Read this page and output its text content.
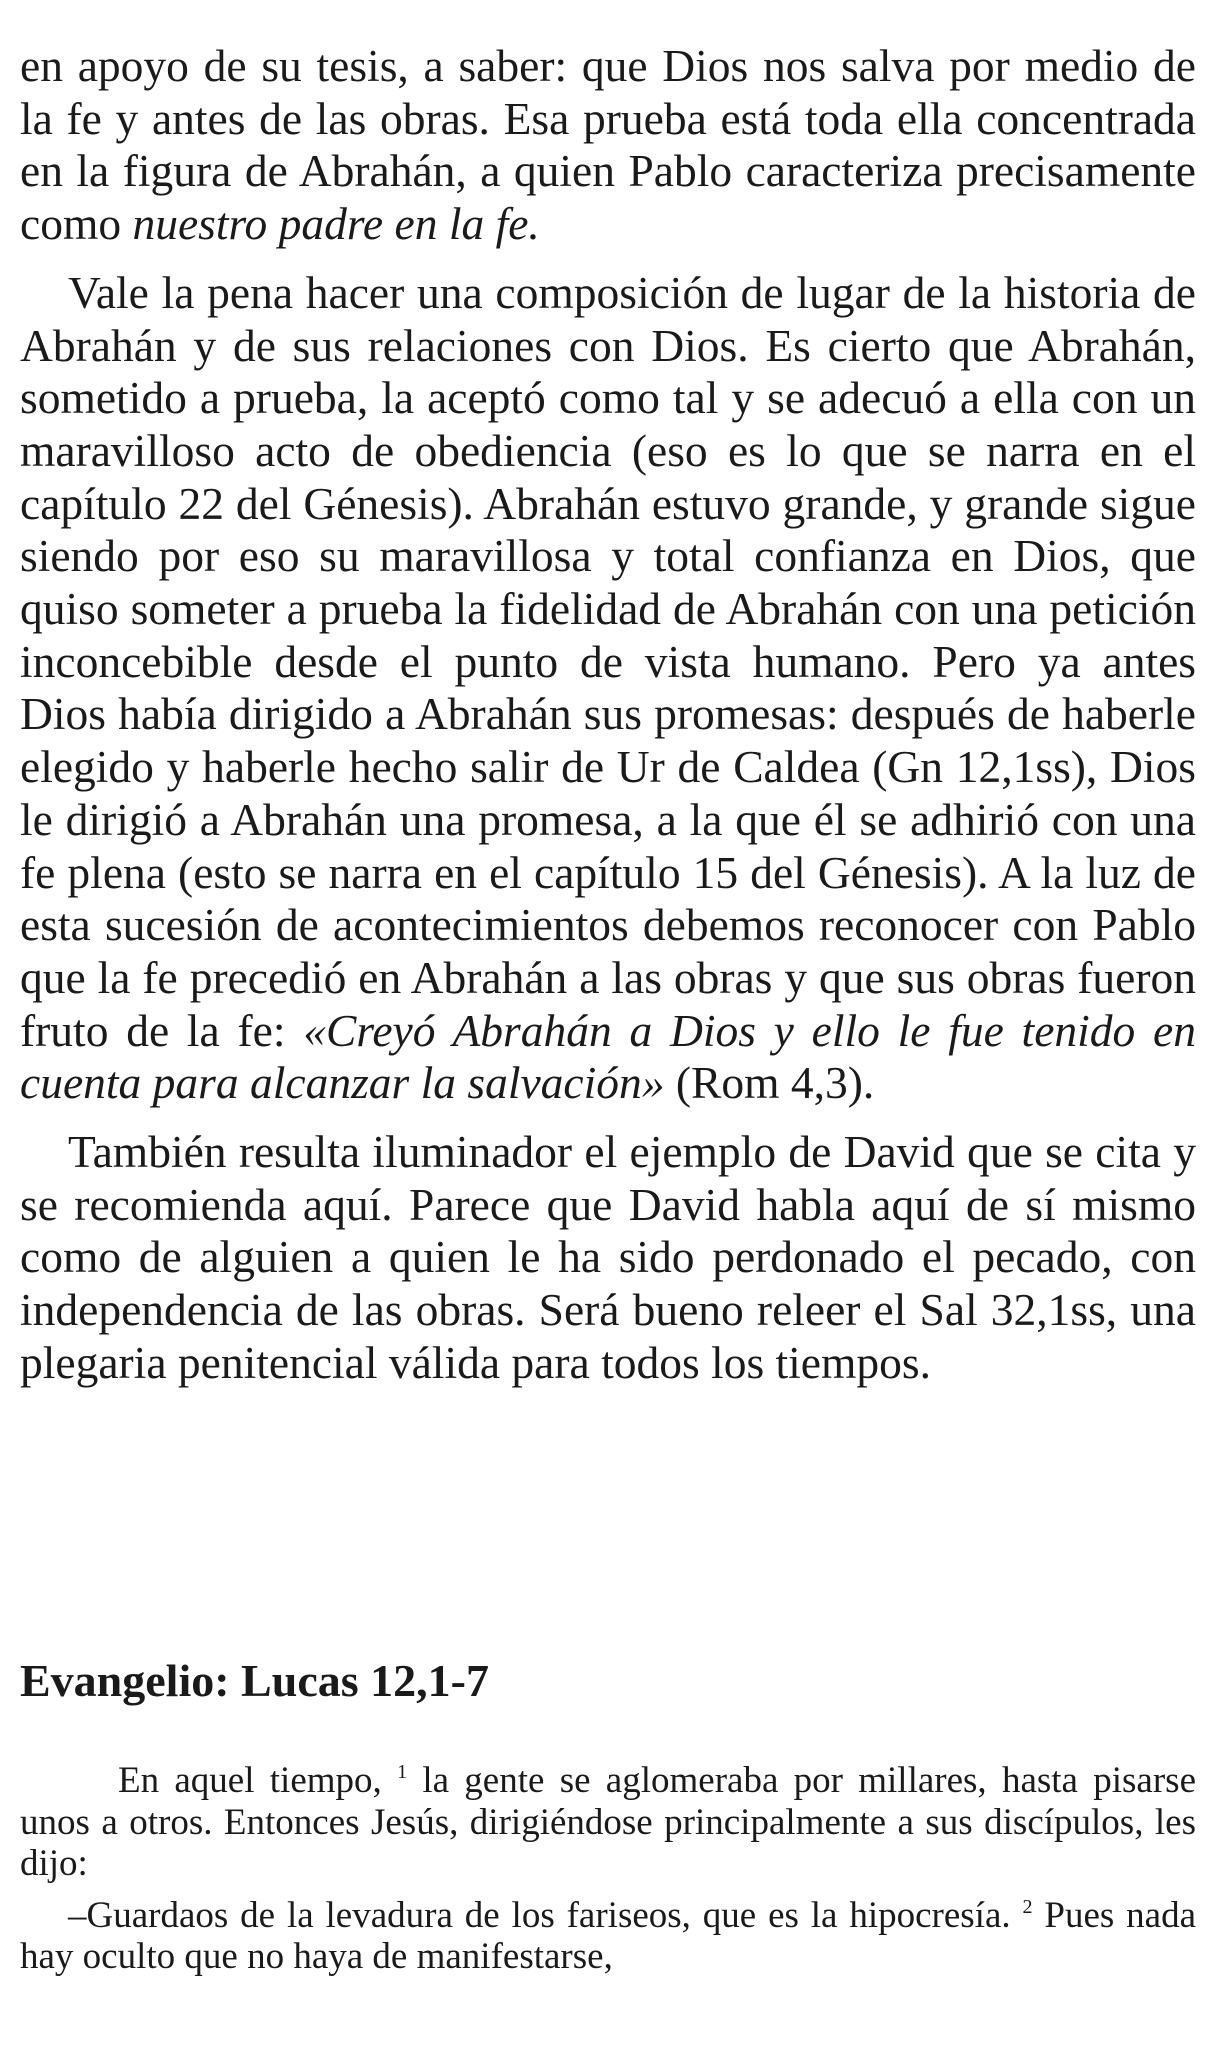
en apoyo de su tesis, a saber: que Dios nos salva por medio de la fe y antes de las obras. Esa prueba está toda ella concentrada en la figura de Abrahán, a quien Pablo caracteriza precisamente como nuestro padre en la fe.

Vale la pena hacer una composición de lugar de la historia de Abrahán y de sus relaciones con Dios. Es cierto que Abrahán, sometido a prueba, la aceptó como tal y se adecuó a ella con un maravilloso acto de obediencia (eso es lo que se narra en el capítulo 22 del Génesis). Abrahán estuvo grande, y grande sigue siendo por eso su maravillosa y total confianza en Dios, que quiso someter a prueba la fidelidad de Abrahán con una petición inconcebible desde el punto de vista humano. Pero ya antes Dios había dirigido a Abrahán sus promesas: después de haberle elegido y haberle hecho salir de Ur de Caldea (Gn 12,1ss), Dios le dirigió a Abrahán una promesa, a la que él se adhirió con una fe plena (esto se narra en el capítulo 15 del Génesis). A la luz de esta sucesión de acontecimientos debemos reconocer con Pablo que la fe precedió en Abrahán a las obras y que sus obras fueron fruto de la fe: «Creyó Abrahán a Dios y ello le fue tenido en cuenta para alcanzar la salvación» (Rom 4,3).

También resulta iluminador el ejemplo de David que se cita y se recomienda aquí. Parece que David habla aquí de sí mismo como de alguien a quien le ha sido perdonado el pecado, con independencia de las obras. Será bueno releer el Sal 32,1ss, una plegaria penitencial válida para todos los tiempos.

Evangelio: Lucas 12,1-7

En aquel tiempo, $^1$ la gente se aglomeraba por millares, hasta pisarse unos a otros. Entonces Jesús, dirigiéndose principalmente a sus discípulos, les dijo:

–Guardaos de la levadura de los fariseos, que es la hipocresía. $^2$ Pues nada hay oculto que no haya de manifestarse,
